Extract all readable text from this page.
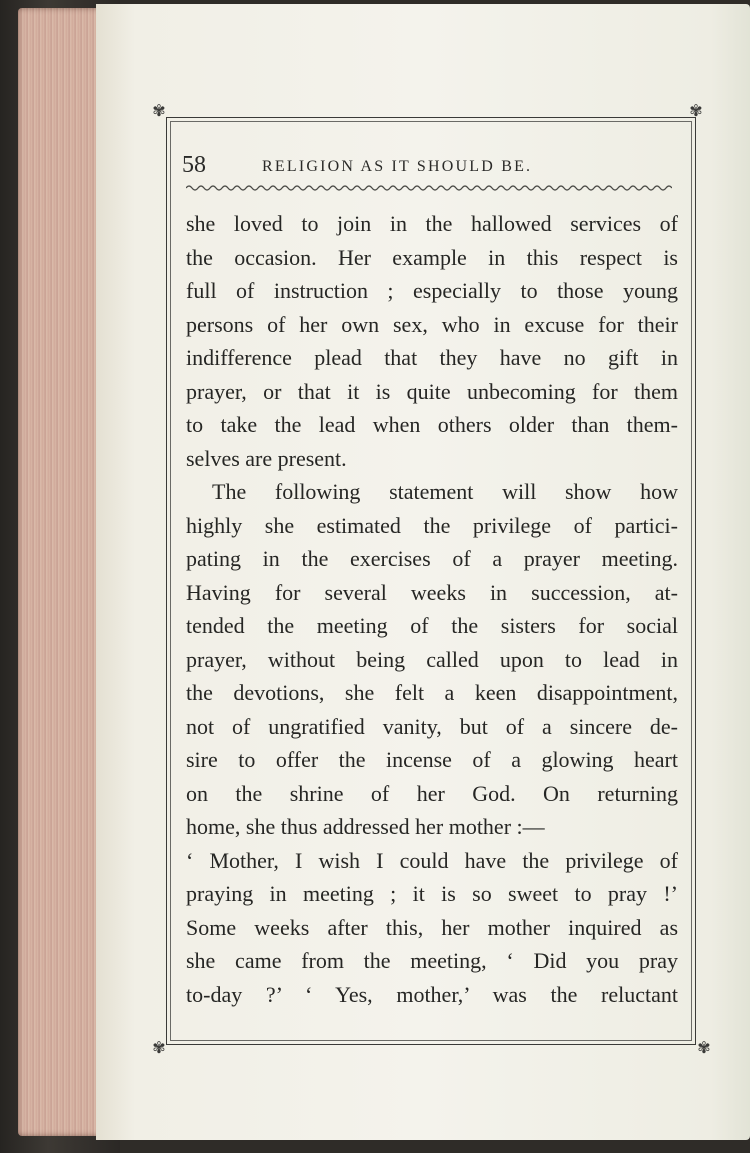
✾	✾
✾	✾
58	RELIGION AS IT SHOULD BE.
she loved to join in the hallowed services of
the occasion. Her example in this respect is
full of instruction ; especially to those young
persons of her own sex, who in excuse for their
indifference plead that they have no gift in
prayer, or that it is quite unbecoming for them
to take the lead when others older than them-
selves are present.
The following statement will show how
highly she estimated the privilege of partici-
pating in the exercises of a prayer meeting.
Having for several weeks in succession, at-
tended the meeting of the sisters for social
prayer, without being called upon to lead in
the devotions, she felt a keen disappointment,
not of ungratified vanity, but of a sincere de-
sire to offer the incense of a glowing heart
on the shrine of her God. On returning
home, she thus addressed her mother :—
‘ Mother, I wish I could have the privilege of
praying in meeting ; it is so sweet to pray !’
Some weeks after this, her mother inquired as
she came from the meeting, ‘ Did you pray
to-day ?’ ‘ Yes, mother,’ was the reluctant
